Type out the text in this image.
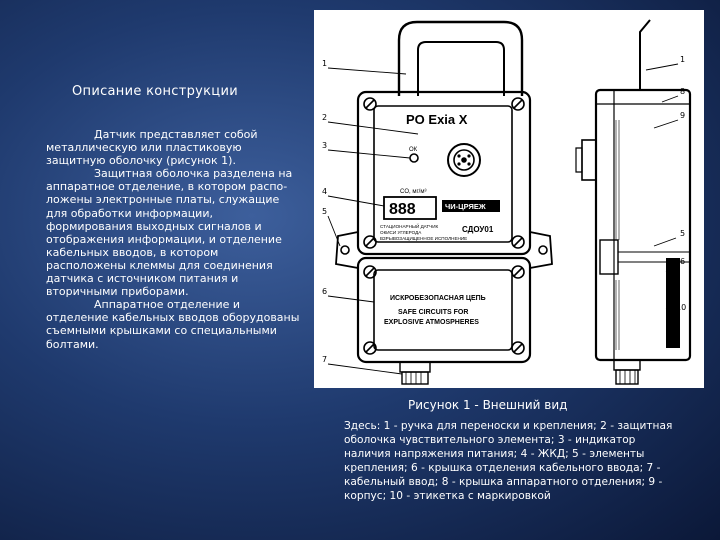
Описание конструкции

Датчик представляет собой металлическую или пластиковую защитную оболочку (рисунок 1).

Защитная оболочка разделена на аппаратное отделение, в котором распо-ложены электронные платы, служащие для обработки информации, формирования выходных сигналов и отображения информации, и отделение кабельных вводов, в котором расположены клеммы для соединения датчика с источником питания и вторичными приборами.

Аппаратное отделение и отделение кабельных вводов оборудованы съемными крышками со специальными болтами.

PO Exia X
ОК
CO, мг/м³
888	ЧИ-ЦРЯЕЖ
СТАЦИОНАРНЫЙ ДАТЧИК
ОКИСИ УГЛЕРОДА
ВЗРЫВОЗАЩИЩЕННОЕ ИСПОЛНЕНИЕ
СДОУ01
ИСКРОБЕЗОПАСНАЯ ЦЕПЬ
SAFE CIRCUITS FOR
EXPLOSIVE ATMOSPHERES
1
2
3
4
5
6
7
1
8
9
5
6
10
Рисунок 1 - Внешний вид
Здесь: 1 - ручка для переноски и крепления; 2 - защитная оболочка чувствительного элемента; 3 - индикатор наличия напряжения питания; 4 - ЖКД; 5 - элементы крепления; 6 - крышка отделения кабельного ввода; 7 - кабельный ввод; 8 - крышка аппаратного отделения; 9 - корпус; 10 - этикетка с маркировкой
